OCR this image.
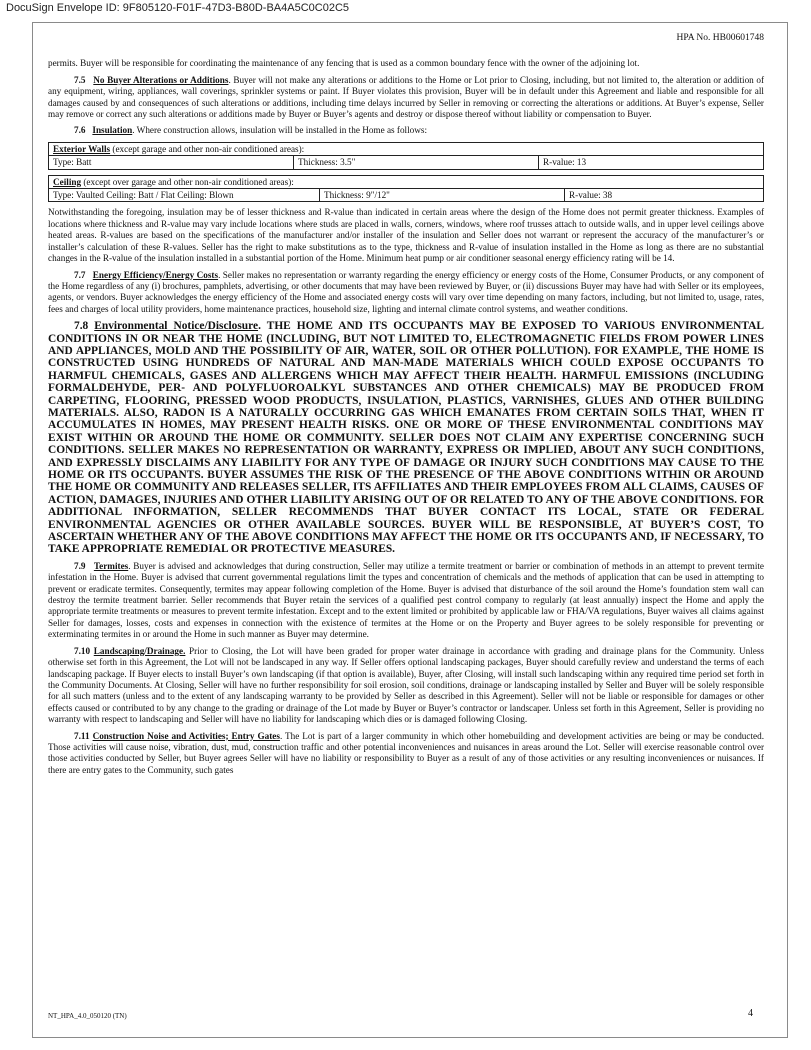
DocuSign Envelope ID: 9F805120-F01F-47D3-B80D-BA4A5C0C02C5
HPA No. HB00601748

permits. Buyer will be responsible for coordinating the maintenance of any fencing that is used as a common boundary fence with the owner of the adjoining lot.

7.5 No Buyer Alterations or Additions. Buyer will not make any alterations or additions to the Home or Lot prior to Closing, including, but not limited to, the alteration or addition of any equipment, wiring, appliances, wall coverings, sprinkler systems or paint. If Buyer violates this provision, Buyer will be in default under this Agreement and liable and responsible for all damages caused by and consequences of such alterations or additions, including time delays incurred by Seller in removing or correcting the alterations or additions. At Buyer’s expense, Seller may remove or correct any such alterations or additions made by Buyer or Buyer’s agents and destroy or dispose thereof without liability or compensation to Buyer.

7.6 Insulation. Where construction allows, insulation will be installed in the Home as follows:

Exterior Walls (except garage and other non-air conditioned areas):
Type: Batt	Thickness: 3.5"	R-value: 13
Ceiling (except over garage and other non-air conditioned areas):
Type: Vaulted Ceiling: Batt / Flat Ceiling: Blown	Thickness: 9"/12"	R-value: 38

Notwithstanding the foregoing, insulation may be of lesser thickness and R-value than indicated in certain areas where the design of the Home does not permit greater thickness. Examples of locations where thickness and R-value may vary include locations where studs are placed in walls, corners, windows, where roof trusses attach to outside walls, and in upper level ceilings above heated areas. R-values are based on the specifications of the manufacturer and/or installer of the insulation and Seller does not warrant or represent the accuracy of the manufacturer’s or installer’s calculation of these R-values. Seller has the right to make substitutions as to the type, thickness and R-value of insulation installed in the Home as long as there are no substantial changes in the R-value of the insulation installed in a substantial portion of the Home. Minimum heat pump or air conditioner seasonal energy efficiency rating will be 14.

7.7 Energy Efficiency/Energy Costs. Seller makes no representation or warranty regarding the energy efficiency or energy costs of the Home, Consumer Products, or any component of the Home regardless of any (i) brochures, pamphlets, advertising, or other documents that may have been reviewed by Buyer, or (ii) discussions Buyer may have had with Seller or its employees, agents, or vendors. Buyer acknowledges the energy efficiency of the Home and associated energy costs will vary over time depending on many factors, including, but not limited to, usage, rates, fees and charges of local utility providers, home maintenance practices, household size, lighting and internal climate control systems, and weather conditions.

7.8 Environmental Notice/Disclosure. THE HOME AND ITS OCCUPANTS MAY BE EXPOSED TO VARIOUS ENVIRONMENTAL CONDITIONS IN OR NEAR THE HOME (INCLUDING, BUT NOT LIMITED TO, ELECTROMAGNETIC FIELDS FROM POWER LINES AND APPLIANCES, MOLD AND THE POSSIBILITY OF AIR, WATER, SOIL OR OTHER POLLUTION). FOR EXAMPLE, THE HOME IS CONSTRUCTED USING HUNDREDS OF NATURAL AND MAN-MADE MATERIALS WHICH COULD EXPOSE OCCUPANTS TO HARMFUL CHEMICALS, GASES AND ALLERGENS WHICH MAY AFFECT THEIR HEALTH. HARMFUL EMISSIONS (INCLUDING FORMALDEHYDE, PER- AND POLYFLUOROALKYL SUBSTANCES AND OTHER CHEMICALS) MAY BE PRODUCED FROM CARPETING, FLOORING, PRESSED WOOD PRODUCTS, INSULATION, PLASTICS, VARNISHES, GLUES AND OTHER BUILDING MATERIALS. ALSO, RADON IS A NATURALLY OCCURRING GAS WHICH EMANATES FROM CERTAIN SOILS THAT, WHEN IT ACCUMULATES IN HOMES, MAY PRESENT HEALTH RISKS. ONE OR MORE OF THESE ENVIRONMENTAL CONDITIONS MAY EXIST WITHIN OR AROUND THE HOME OR COMMUNITY. SELLER DOES NOT CLAIM ANY EXPERTISE CONCERNING SUCH CONDITIONS. SELLER MAKES NO REPRESENTATION OR WARRANTY, EXPRESS OR IMPLIED, ABOUT ANY SUCH CONDITIONS, AND EXPRESSLY DISCLAIMS ANY LIABILITY FOR ANY TYPE OF DAMAGE OR INJURY SUCH CONDITIONS MAY CAUSE TO THE HOME OR ITS OCCUPANTS. BUYER ASSUMES THE RISK OF THE PRESENCE OF THE ABOVE CONDITIONS WITHIN OR AROUND THE HOME OR COMMUNITY AND RELEASES SELLER, ITS AFFILIATES AND THEIR EMPLOYEES FROM ALL CLAIMS, CAUSES OF ACTION, DAMAGES, INJURIES AND OTHER LIABILITY ARISING OUT OF OR RELATED TO ANY OF THE ABOVE CONDITIONS. FOR ADDITIONAL INFORMATION, SELLER RECOMMENDS THAT BUYER CONTACT ITS LOCAL, STATE OR FEDERAL ENVIRONMENTAL AGENCIES OR OTHER AVAILABLE SOURCES. BUYER WILL BE RESPONSIBLE, AT BUYER’S COST, TO ASCERTAIN WHETHER ANY OF THE ABOVE CONDITIONS MAY AFFECT THE HOME OR ITS OCCUPANTS AND, IF NECESSARY, TO TAKE APPROPRIATE REMEDIAL OR PROTECTIVE MEASURES.

7.9 Termites. Buyer is advised and acknowledges that during construction, Seller may utilize a termite treatment or barrier or combination of methods in an attempt to prevent termite infestation in the Home. Buyer is advised that current governmental regulations limit the types and concentration of chemicals and the methods of application that can be used in attempting to prevent or eradicate termites. Consequently, termites may appear following completion of the Home. Buyer is advised that disturbance of the soil around the Home’s foundation stem wall can destroy the termite treatment barrier. Seller recommends that Buyer retain the services of a qualified pest control company to regularly (at least annually) inspect the Home and apply the appropriate termite treatments or measures to prevent termite infestation. Except and to the extent limited or prohibited by applicable law or FHA/VA regulations, Buyer waives all claims against Seller for damages, losses, costs and expenses in connection with the existence of termites at the Home or on the Property and Buyer agrees to be solely responsible for preventing or exterminating termites in or around the Home in such manner as Buyer may determine.

7.10 Landscaping/Drainage. Prior to Closing, the Lot will have been graded for proper water drainage in accordance with grading and drainage plans for the Community. Unless otherwise set forth in this Agreement, the Lot will not be landscaped in any way. If Seller offers optional landscaping packages, Buyer should carefully review and understand the terms of each landscaping package. If Buyer elects to install Buyer’s own landscaping (if that option is available), Buyer, after Closing, will install such landscaping within any required time period set forth in the Community Documents. At Closing, Seller will have no further responsibility for soil erosion, soil conditions, drainage or landscaping installed by Seller and Buyer will be solely responsible for all such matters (unless and to the extent of any landscaping warranty to be provided by Seller as described in this Agreement). Seller will not be liable or responsible for damages or other effects caused or contributed to by any change to the grading or drainage of the Lot made by Buyer or Buyer’s contractor or landscaper. Unless set forth in this Agreement, Seller is providing no warranty with respect to landscaping and Seller will have no liability for landscaping which dies or is damaged following Closing.

7.11 Construction Noise and Activities; Entry Gates. The Lot is part of a larger community in which other homebuilding and development activities are being or may be conducted. Those activities will cause noise, vibration, dust, mud, construction traffic and other potential inconveniences and nuisances in areas around the Lot. Seller will exercise reasonable control over those activities conducted by Seller, but Buyer agrees Seller will have no liability or responsibility to Buyer as a result of any of those activities or any resulting inconveniences or nuisances. If there are entry gates to the Community, such gates

NT_HPA_4.0_050120 (TN)	4
